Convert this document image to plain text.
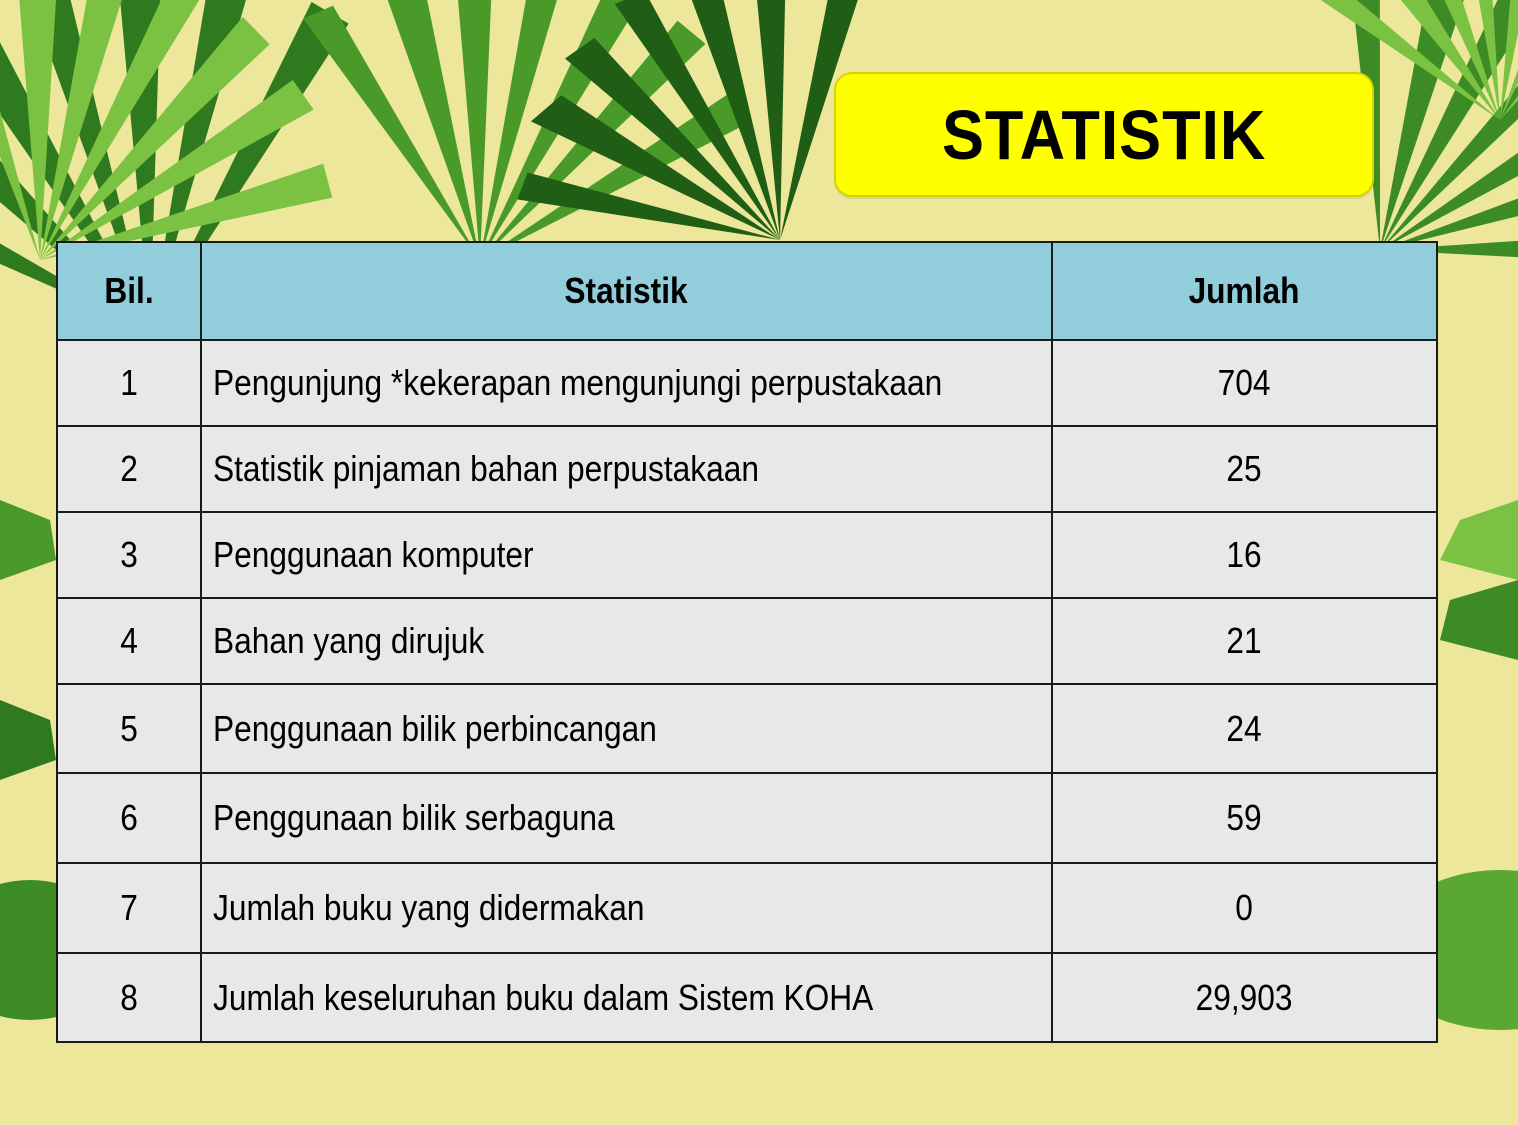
STATISTIK
Bil.	Statistik	Jumlah
1	Pengunjung *kekerapan mengunjungi perpustakaan	704
2	Statistik pinjaman bahan perpustakaan	25
3	Penggunaan komputer	16
4	Bahan yang dirujuk	21
5	Penggunaan bilik perbincangan	24
6	Penggunaan bilik serbaguna	59
7	Jumlah buku yang didermakan	0
8	Jumlah keseluruhan buku dalam Sistem KOHA	29,903
